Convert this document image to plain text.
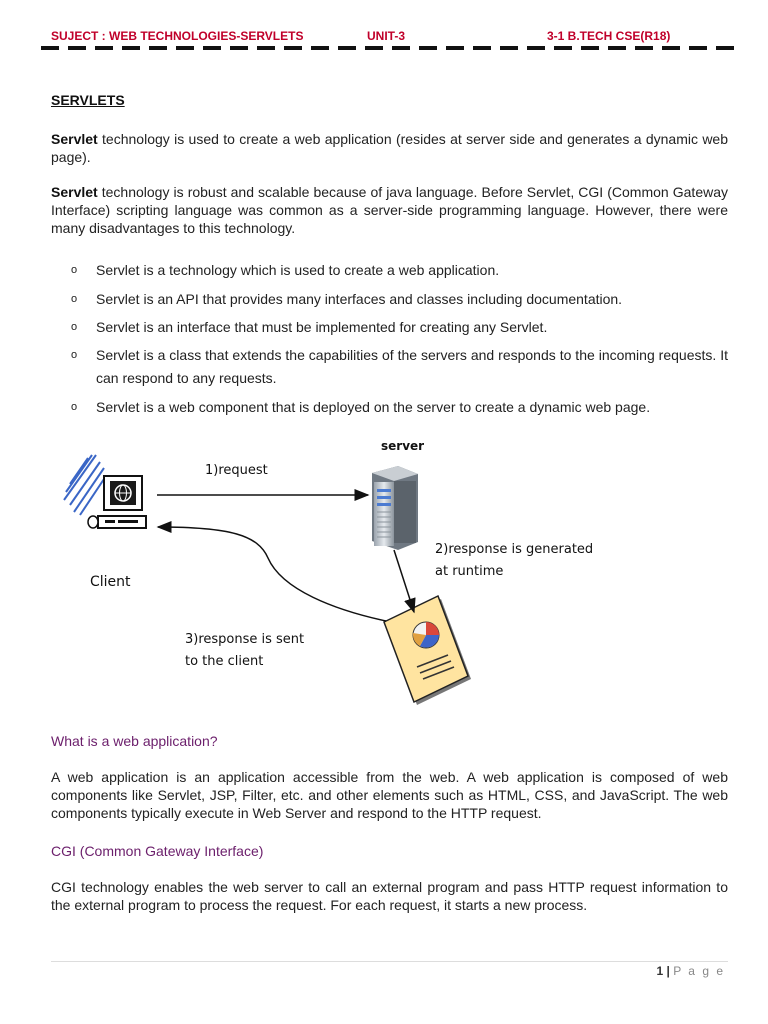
SUJECT : WEB TECHNOLOGIES-SERVLETS	UNIT-3	3-1 B.TECH CSE(R18)
SERVLETS
Servlet technology is used to create a web application (resides at server side and generates a dynamic web page).
Servlet technology is robust and scalable because of java language. Before Servlet, CGI (Common Gateway Interface) scripting language was common as a server-side programming language. However, there were many disadvantages to this technology.
o Servlet is a technology which is used to create a web application.
o Servlet is an API that provides many interfaces and classes including documentation.
o Servlet is an interface that must be implemented for creating any Servlet.
o Servlet is a class that extends the capabilities of the servers and responds to the incoming requests. It can respond to any requests.
o Servlet is a web component that is deployed on the server to create a dynamic web page.
server
1)request
Client
2)response is generated
at runtime
3)response is sent
to the client
What is a web application?
A web application is an application accessible from the web. A web application is composed of web components like Servlet, JSP, Filter, etc. and other elements such as HTML, CSS, and JavaScript. The web components typically execute in Web Server and respond to the HTTP request.
CGI (Common Gateway Interface)
CGI technology enables the web server to call an external program and pass HTTP request information to the external program to process the request. For each request, it starts a new process.
1 | P a g e
